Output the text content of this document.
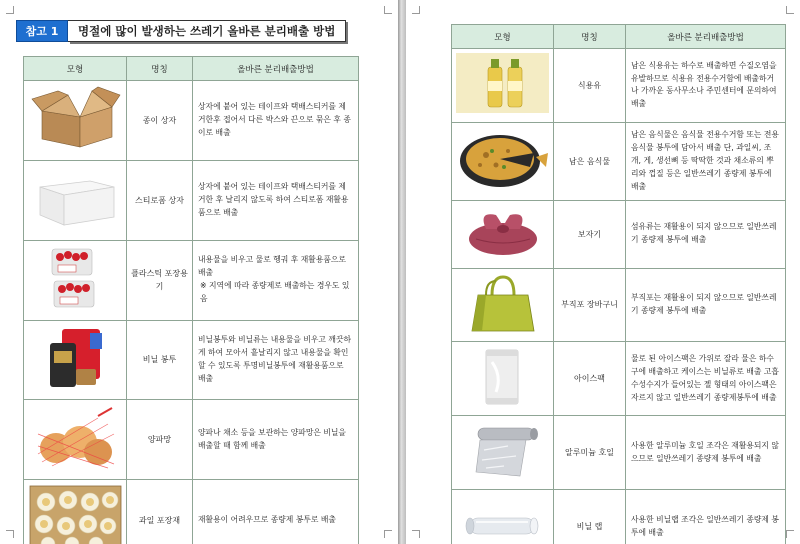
참고 1	명절에 많이 발생하는 쓰레기 올바른 분리배출 방법
모형	명칭	올바른 분리배출방법

	종이 상자	상자에 붙어 있는 테이프와 택배스티커를 제거한후 접어서 다른 박스와 끈으로 묶은 후 종이로 배출

	스티로폼 상자	상자에 붙어 있는 테이프와 택배스티커를 제거한 후 날리지 않도록 하여 스티로폼 재활용품으로 배출

	플라스틱 포장용기	내용물을 비우고 물로 헹궈 후 재활용품으로 배출
※ 지역에 따라 종량제로 배출하는 경우도 있음

	비닐 봉투	비닐봉투와 비닐류는 내용물을 비우고 깨끗하게 하여 모아서 흩날리지 않고 내용물을 확인할 수 있도록 투명비닐봉투에 재활용품으로 배출

	양파망	양파나 채소 등을 보관하는 양파망은 비닐을 배출할 때 함께 배출

	과일 포장재	재활용이 어려우므로 종량제 봉투로 배출
모형	명칭	올바른 분리배출방법

	식용유	남은 식용유는 하수로 배출하면 수질오염을 유발하므로 식용유 전용수거함에 배출하거나 가까운 동사무소나 주민센터에 문의하여 배출

	남은 음식물	남은 음식물은 음식물 전용수거함 또는 전용 음식물 봉투에 담아서 배출 단, 과일씨, 조개, 게, 생선뼈 등 딱딱한 것과 채소류의 뿌리와 껍질 등은 일반쓰레기 종량제 봉투에 배출

	보자기	섬유류는 재활용이 되지 않으므로 일반쓰레기 종량제 봉투에 배출

	부직포 장바구니	부직포는 재활용이 되지 않으므로 일반쓰레기 종량제 봉투에 배출

	아이스팩	물로 된 아이스팩은 가위로 잘라 물은 하수구에 배출하고 케이스는 비닐류로 배출 고흡수성수지가 들어있는 젤 형태의 아이스팩은 자르지 않고 일반쓰레기 종량제봉투에 배출

	알루미늄 호일	사용한 알루미늄 호일 조각은 재활용되지 않으므로 일반쓰레기 종량제 봉투에 배출

	비닐 랩	사용한 비닐랩 조각은 일반쓰레기 종량제 봉투에 배출
